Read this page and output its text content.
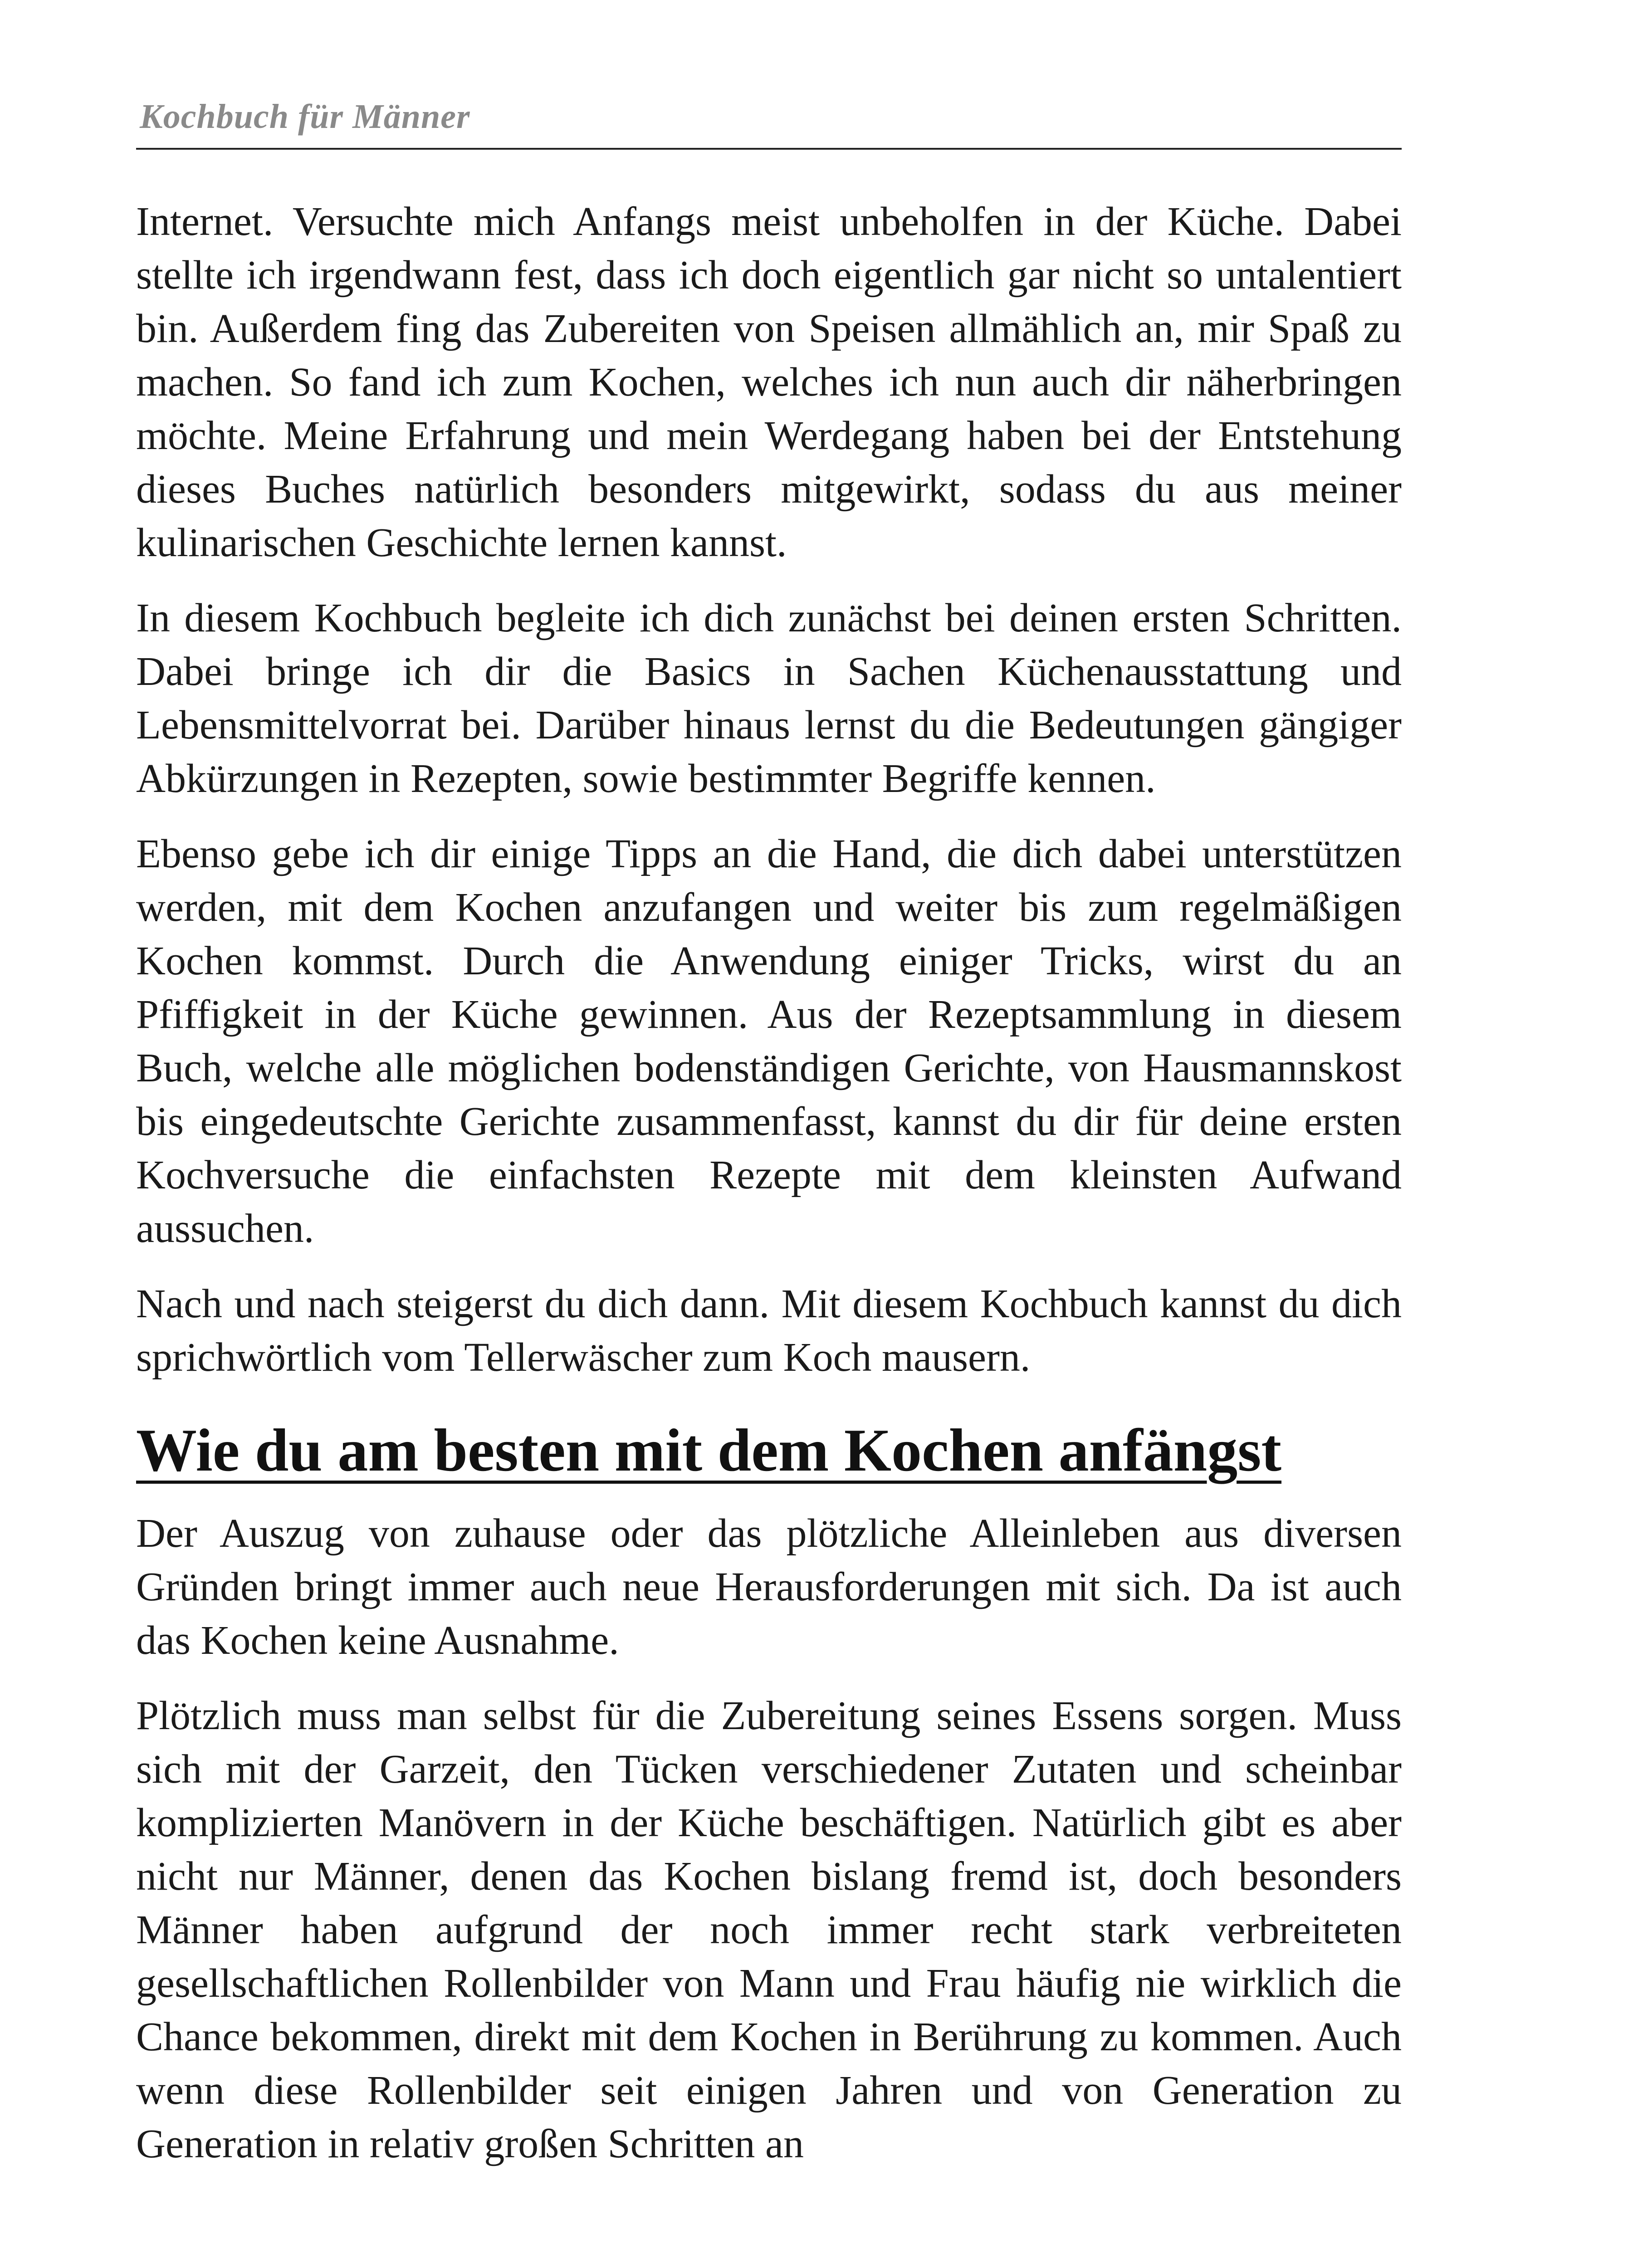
Kochbuch für Männer

Internet. Versuchte mich Anfangs meist unbeholfen in der Küche. Dabei stellte ich irgendwann fest, dass ich doch eigentlich gar nicht so untalentiert bin. Außerdem fing das Zubereiten von Speisen allmählich an, mir Spaß zu machen. So fand ich zum Kochen, welches ich nun auch dir näherbringen möchte. Meine Erfahrung und mein Werdegang haben bei der Entstehung dieses Buches natürlich besonders mitgewirkt, sodass du aus meiner kulinarischen Geschichte lernen kannst.

In diesem Kochbuch begleite ich dich zunächst bei deinen ersten Schritten. Dabei bringe ich dir die Basics in Sachen Küchenausstattung und Lebensmittelvorrat bei. Darüber hinaus lernst du die Bedeutungen gängiger Abkürzungen in Rezepten, sowie bestimmter Begriffe kennen.

Ebenso gebe ich dir einige Tipps an die Hand, die dich dabei unterstützen werden, mit dem Kochen anzufangen und weiter bis zum regelmäßigen Kochen kommst. Durch die Anwendung einiger Tricks, wirst du an Pfiffigkeit in der Küche gewinnen. Aus der Rezeptsammlung in diesem Buch, welche alle möglichen bodenständigen Gerichte, von Hausmannskost bis eingedeutschte Gerichte zusammenfasst, kannst du dir für deine ersten Kochversuche die einfachsten Rezepte mit dem kleinsten Aufwand aussuchen.

Nach und nach steigerst du dich dann. Mit diesem Kochbuch kannst du dich sprichwörtlich vom Tellerwäscher zum Koch mausern.

Wie du am besten mit dem Kochen anfängst

Der Auszug von zuhause oder das plötzliche Alleinleben aus diversen Gründen bringt immer auch neue Herausforderungen mit sich. Da ist auch das Kochen keine Ausnahme.

Plötzlich muss man selbst für die Zubereitung seines Essens sorgen. Muss sich mit der Garzeit, den Tücken verschiedener Zutaten und scheinbar komplizierten Manövern in der Küche beschäftigen. Natürlich gibt es aber nicht nur Männer, denen das Kochen bislang fremd ist, doch besonders Männer haben aufgrund der noch immer recht stark verbreiteten gesellschaftlichen Rollenbilder von Mann und Frau häufig nie wirklich die Chance bekommen, direkt mit dem Kochen in Berührung zu kommen. Auch wenn diese Rollenbilder seit einigen Jahren und von Generation zu Generation in relativ großen Schritten an
